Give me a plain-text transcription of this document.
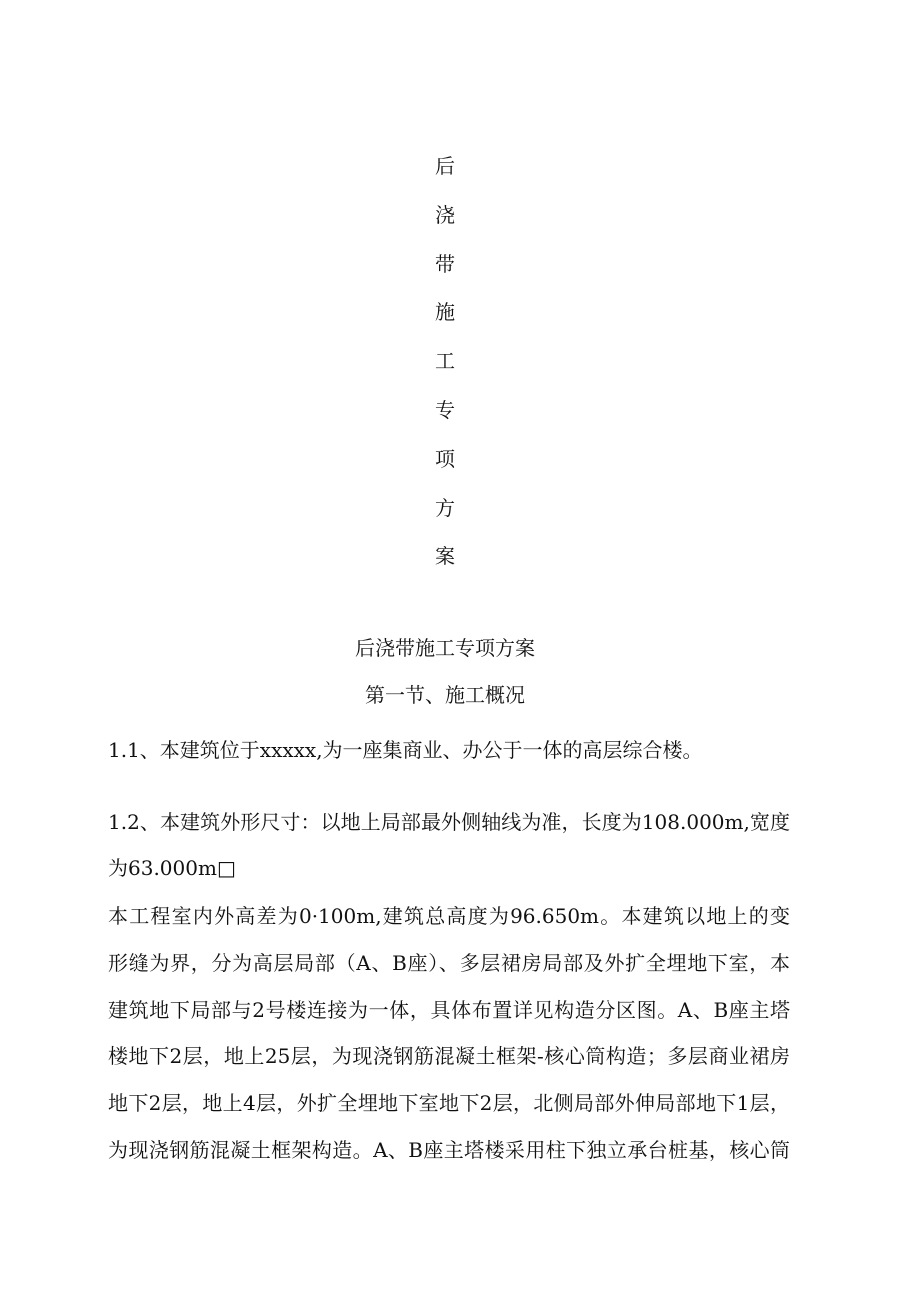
后
浇
带
施
工
专
项
方
案
后浇带施工专项方案
第一节、施工概况

1.1、本建筑位于xxxxx,为一座集商业、办公于一体的高层综合楼。

1.2、本建筑外形尺寸：以地上局部最外侧轴线为准，长度为108.000m,宽度
为63.000m□

本工程室内外高差为0·100m,建筑总高度为96.650m。本建筑以地上的变
形缝为界，分为高层局部（A、B座）、多层裙房局部及外扩全埋地下室，本
建筑地下局部与2号楼连接为一体，具体布置详见构造分区图。A、B座主塔
楼地下2层，地上25层，为现浇钢筋混凝土框架-核心筒构造；多层商业裙房
地下2层，地上4层，外扩全埋地下室地下2层，北侧局部外伸局部地下1层，
为现浇钢筋混凝土框架构造。A、B座主塔楼采用柱下独立承台桩基，核心筒
